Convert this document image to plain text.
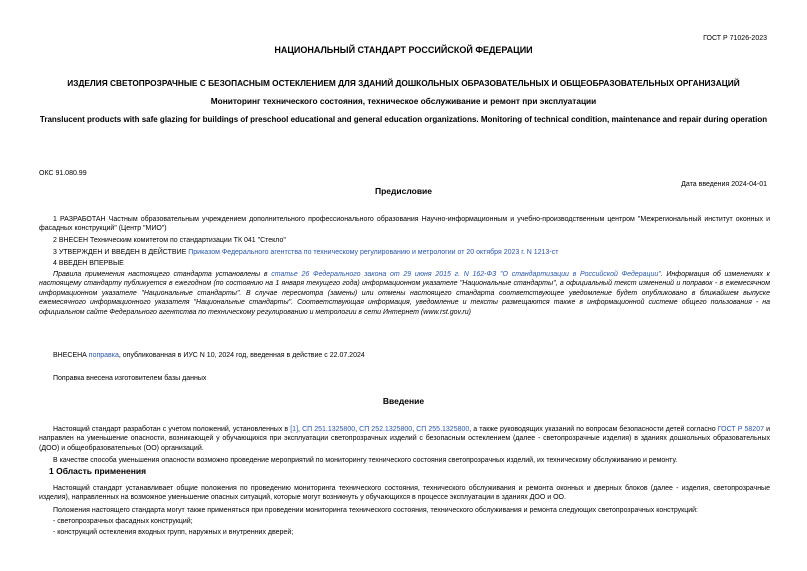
ГОСТ Р 71026-2023
НАЦИОНАЛЬНЫЙ СТАНДАРТ РОССИЙСКОЙ ФЕДЕРАЦИИ
ИЗДЕЛИЯ СВЕТОПРОЗРАЧНЫЕ С БЕЗОПАСНЫМ ОСТЕКЛЕНИЕМ ДЛЯ ЗДАНИЙ ДОШКОЛЬНЫХ ОБРАЗОВАТЕЛЬНЫХ И ОБЩЕОБРАЗОВАТЕЛЬНЫХ ОРГАНИЗАЦИЙ
Мониторинг технического состояния, техническое обслуживание и ремонт при эксплуатации
Translucent products with safe glazing for buildings of preschool educational and general education organizations. Monitoring of technical condition, maintenance and repair during operation
ОКС 91.080.99
Дата введения 2024-04-01
Предисловие
1 РАЗРАБОТАН Частным образовательным учреждением дополнительного профессионального образования Научно-информационным и учебно-производственным центром "Межрегиональный институт оконных и фасадных конструкций" (Центр "МИО")
2 ВНЕСЕН Техническим комитетом по стандартизации ТК 041 "Стекло"
3 УТВЕРЖДЕН И ВВЕДЕН В ДЕЙСТВИЕ Приказом Федерального агентства по техническому регулированию и метрологии от 20 октября 2023 г. N 1213-ст
4 ВВЕДЕН ВПЕРВЫЕ
Правила применения настоящего стандарта установлены в статье 26 Федерального закона от 29 июня 2015 г. N 162-ФЗ "О стандартизации в Российской Федерации". Информация об изменениях к настоящему стандарту публикуется в ежегодном (по состоянию на 1 января текущего года) информационном указателе "Национальные стандарты", а официальный текст изменений и поправок - в ежемесячном информационном указателе "Национальные стандарты". В случае пересмотра (замены) или отмены настоящего стандарта соответствующее уведомление будет опубликовано в ближайшем выпуске ежемесячного информационного указателя "Национальные стандарты". Соответствующая информация, уведомление и тексты размещаются также в информационной системе общего пользования - на официальном сайте Федерального агентства по техническому регулированию и метрологии в сети Интернет (www.rst.gov.ru)
ВНЕСЕНА поправка, опубликованная в ИУС N 10, 2024 год, введенная в действие с 22.07.2024
Поправка внесена изготовителем базы данных
Введение
Настоящий стандарт разработан с учетом положений, установленных в [1], СП 251.1325800, СП 252.1325800, СП 255.1325800, а также руководящих указаний по вопросам безопасности детей согласно ГОСТ Р 58207 и направлен на уменьшение опасности, возникающей у обучающихся при эксплуатации светопрозрачных изделий с безопасным остеклением (далее - светопрозрачные изделия) в зданиях дошкольных образовательных (ДОО) и общеобразовательных (ОО) организаций.
В качестве способа уменьшения опасности возможно проведение мероприятий по мониторингу технического состояния светопрозрачных изделий, их техническому обслуживанию и ремонту.
1 Область применения
Настоящий стандарт устанавливает общие положения по проведению мониторинга технического состояния, технического обслуживания и ремонта оконных и дверных блоков (далее - изделия, светопрозрачные изделия), направленных на возможное уменьшение опасных ситуаций, которые могут возникнуть у обучающихся в процессе эксплуатации в зданиях ДОО и ОО.
Положения настоящего стандарта могут также применяться при проведении мониторинга технического состояния, технического обслуживания и ремонта следующих светопрозрачных конструкций:
- светопрозрачных фасадных конструкций;
- конструкций остекления входных групп, наружных и внутренних дверей;
